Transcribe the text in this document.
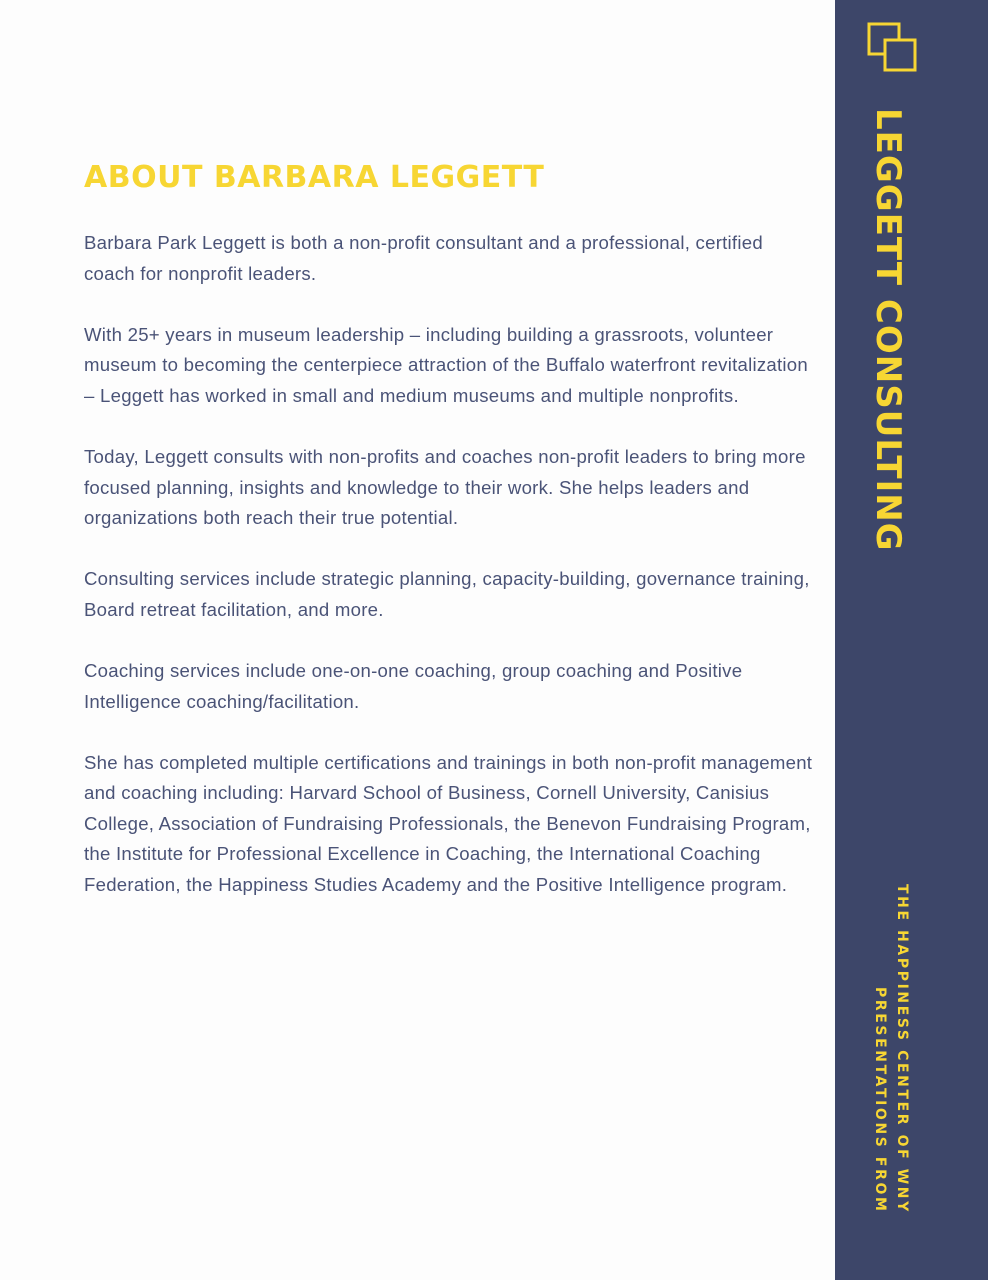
ABOUT BARBARA LEGGETT

Barbara Park Leggett is both a non-profit consultant and a professional, certified coach for nonprofit leaders.

With 25+ years in museum leadership – including building a grassroots, volunteer museum to becoming the centerpiece attraction of the Buffalo waterfront revitalization – Leggett has worked in small and medium museums and multiple nonprofits.

Today, Leggett consults with non-profits and coaches non-profit leaders to bring more focused planning, insights and knowledge to their work. She helps leaders and organizations both reach their true potential.

Consulting services include strategic planning, capacity-building, governance training, Board retreat facilitation, and more.

Coaching services include one-on-one coaching, group coaching and Positive Intelligence coaching/facilitation.

She has completed multiple certifications and trainings in both non-profit management and coaching including: Harvard School of Business, Cornell University, Canisius College, Association of Fundraising Professionals, the Benevon Fundraising Program, the Institute for Professional Excellence in Coaching, the International Coaching Federation, the Happiness Studies Academy and the Positive Intelligence program.

LEGGETT CONSULTING
THE HAPPINESS CENTER OF WNY
PRESENTATIONS FROM
